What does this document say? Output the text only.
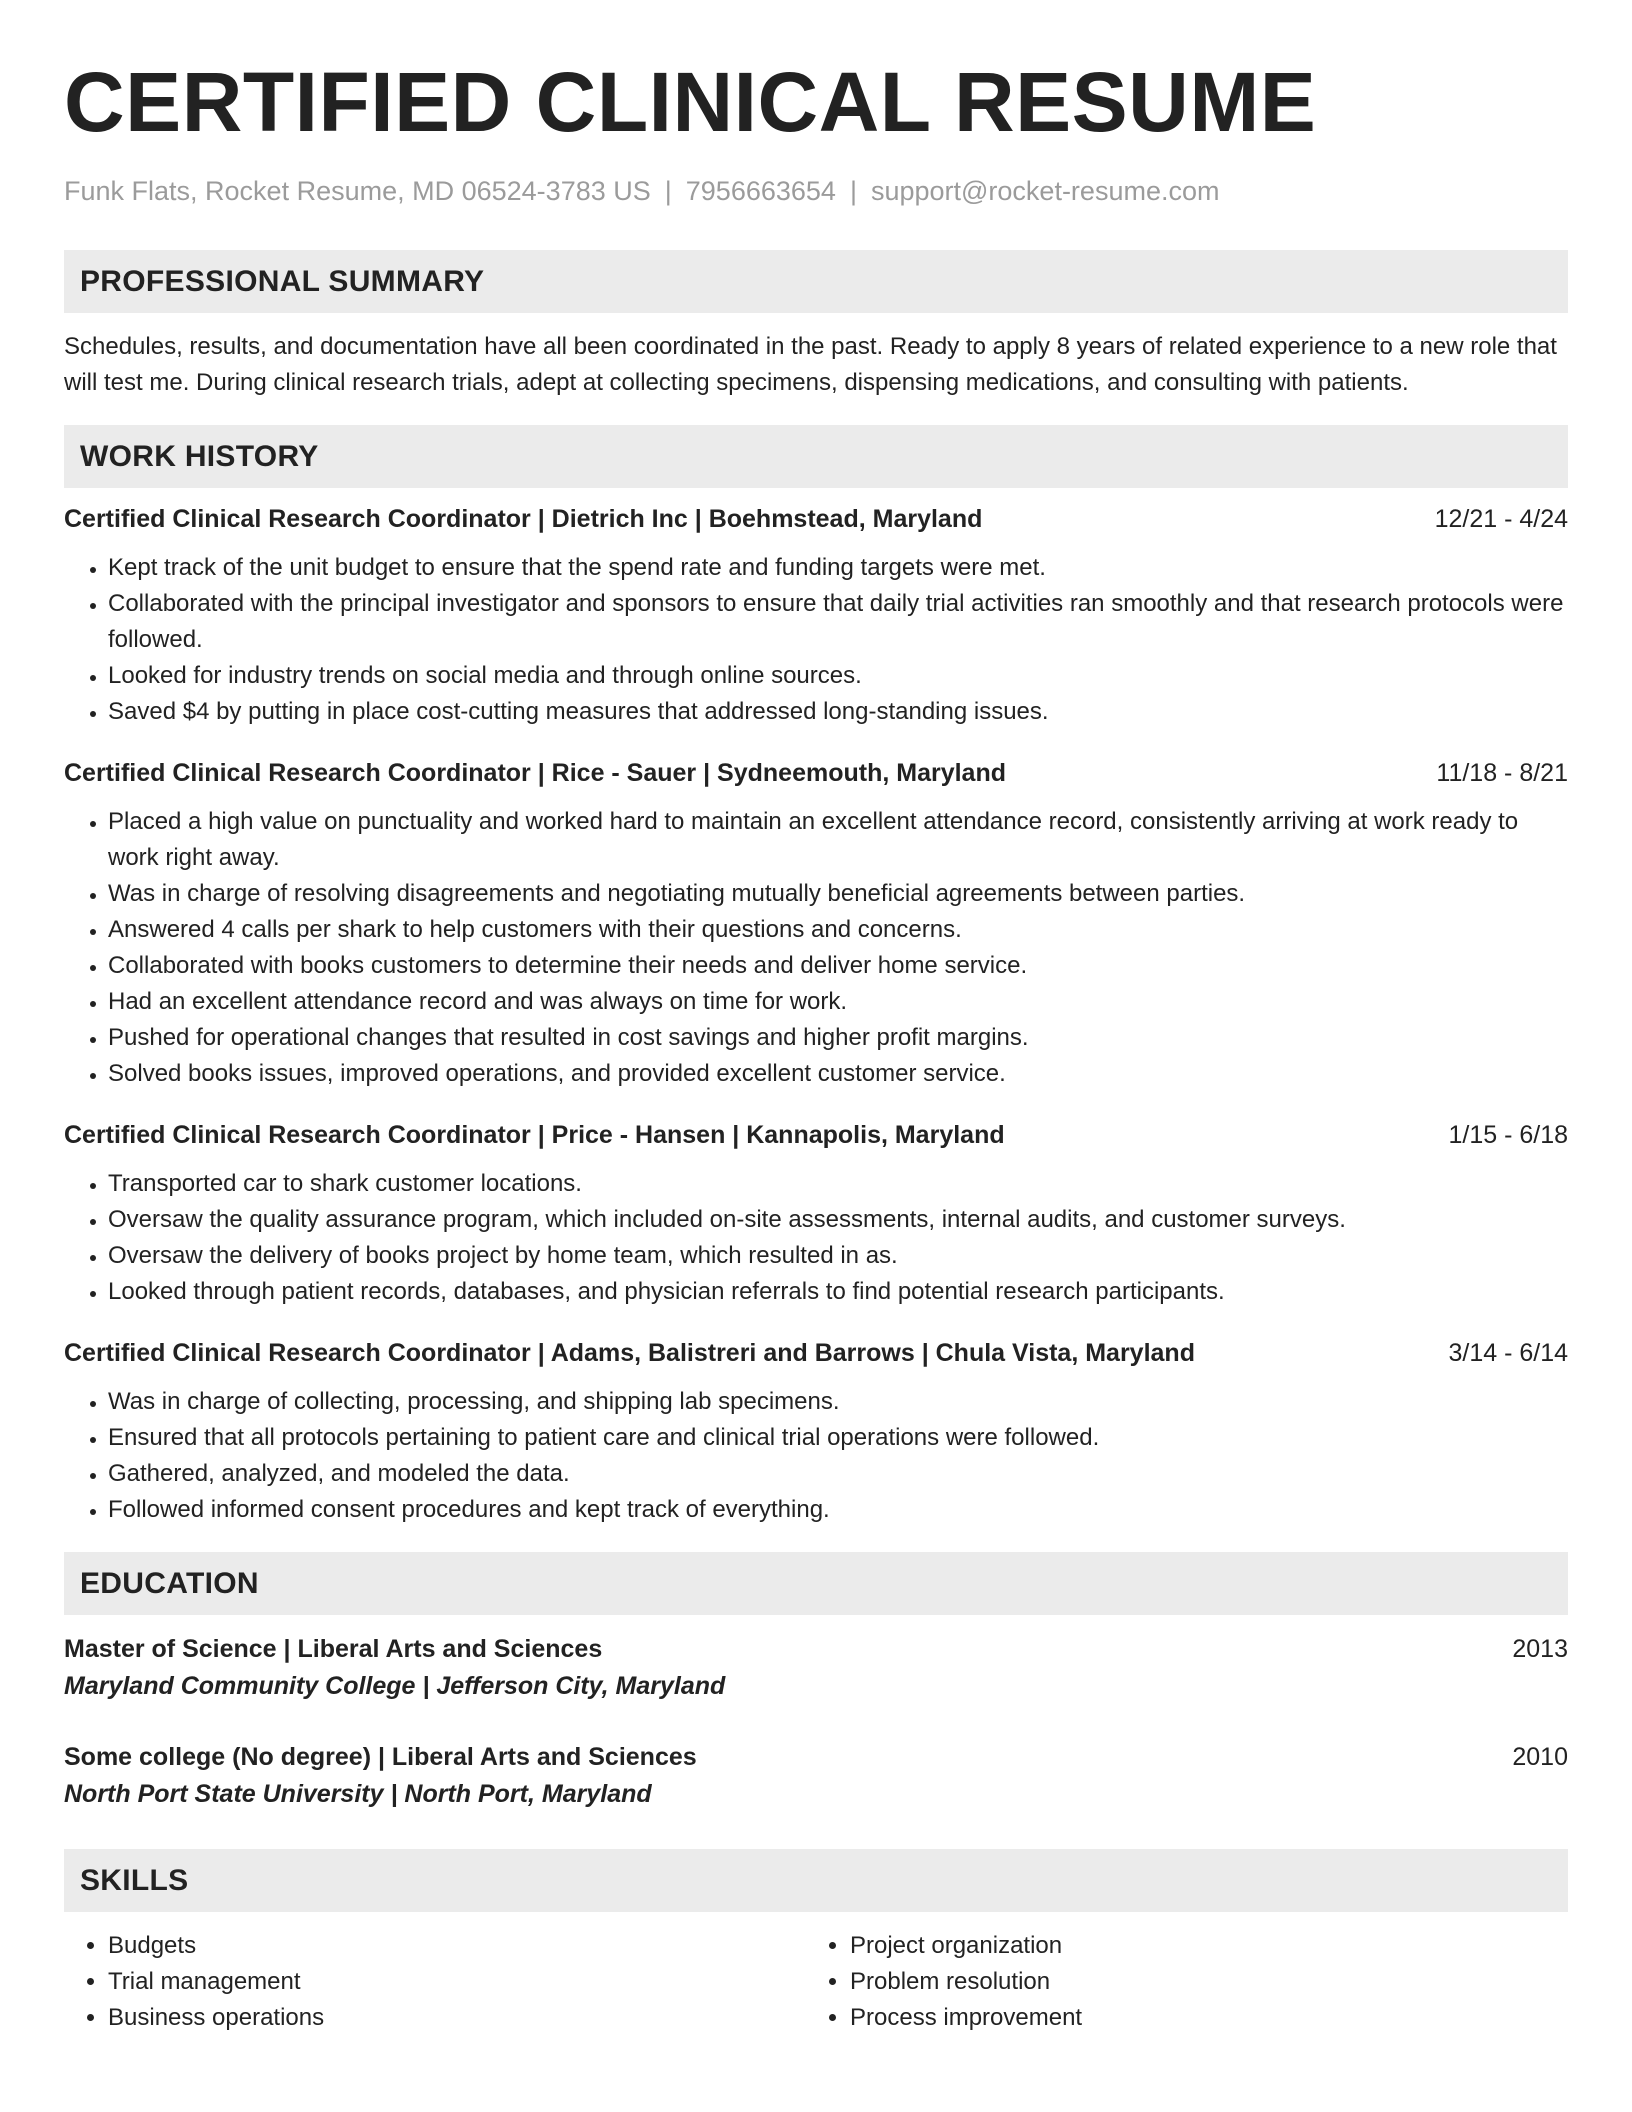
CERTIFIED CLINICAL RESUME
Funk Flats, Rocket Resume, MD 06524-3783 US | 7956663654 | support@rocket-resume.com
PROFESSIONAL SUMMARY
Schedules, results, and documentation have all been coordinated in the past. Ready to apply 8 years of related experience to a new role that will test me. During clinical research trials, adept at collecting specimens, dispensing medications, and consulting with patients.
WORK HISTORY
Certified Clinical Research Coordinator | Dietrich Inc | Boehmstead, Maryland	12/21 - 4/24
• Kept track of the unit budget to ensure that the spend rate and funding targets were met.
• Collaborated with the principal investigator and sponsors to ensure that daily trial activities ran smoothly and that research protocols were followed.
• Looked for industry trends on social media and through online sources.
• Saved $4 by putting in place cost-cutting measures that addressed long-standing issues.
Certified Clinical Research Coordinator | Rice - Sauer | Sydneemouth, Maryland	11/18 - 8/21
• Placed a high value on punctuality and worked hard to maintain an excellent attendance record, consistently arriving at work ready to work right away.
• Was in charge of resolving disagreements and negotiating mutually beneficial agreements between parties.
• Answered 4 calls per shark to help customers with their questions and concerns.
• Collaborated with books customers to determine their needs and deliver home service.
• Had an excellent attendance record and was always on time for work.
• Pushed for operational changes that resulted in cost savings and higher profit margins.
• Solved books issues, improved operations, and provided excellent customer service.
Certified Clinical Research Coordinator | Price - Hansen | Kannapolis, Maryland	1/15 - 6/18
• Transported car to shark customer locations.
• Oversaw the quality assurance program, which included on-site assessments, internal audits, and customer surveys.
• Oversaw the delivery of books project by home team, which resulted in as.
• Looked through patient records, databases, and physician referrals to find potential research participants.
Certified Clinical Research Coordinator | Adams, Balistreri and Barrows | Chula Vista, Maryland	3/14 - 6/14
• Was in charge of collecting, processing, and shipping lab specimens.
• Ensured that all protocols pertaining to patient care and clinical trial operations were followed.
• Gathered, analyzed, and modeled the data.
• Followed informed consent procedures and kept track of everything.
EDUCATION
Master of Science | Liberal Arts and Sciences	2013
Maryland Community College | Jefferson City, Maryland
Some college (No degree) | Liberal Arts and Sciences	2010
North Port State University | North Port, Maryland
SKILLS
• Budgets
• Trial management
• Business operations
• Project organization
• Problem resolution
• Process improvement
